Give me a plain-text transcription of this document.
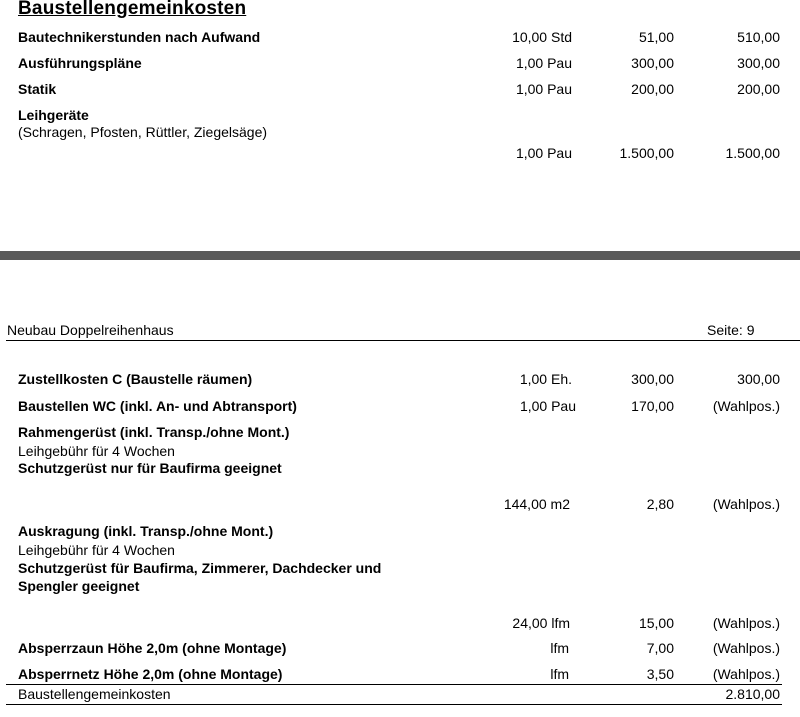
Baustellengemeinkosten
Bautechnikerstunden nach Aufwand	10,00 Std	51,00	510,00
Ausführungspläne	1,00 Pau	300,00	300,00
Statik	1,00 Pau	200,00	200,00
Leihgeräte
(Schragen, Pfosten, Rüttler, Ziegelsäge)
1,00 Pau	1.500,00	1.500,00
Neubau Doppelreihenhaus	Seite: 9
Zustellkosten C (Baustelle räumen)	1,00 Eh.	300,00	300,00
Baustellen WC (inkl. An- und Abtransport)	1,00 Pau	170,00	(Wahlpos.)
Rahmengerüst (inkl. Transp./ohne Mont.)
Leihgebühr für 4 Wochen
Schutzgerüst nur für Baufirma geeignet
144,00 m2	2,80	(Wahlpos.)
Auskragung (inkl. Transp./ohne Mont.)
Leihgebühr für 4 Wochen
Schutzgerüst für Baufirma, Zimmerer, Dachdecker und
Spengler geeignet
24,00 lfm	15,00	(Wahlpos.)
Absperrzaun Höhe 2,0m (ohne Montage)	lfm	7,00	(Wahlpos.)
Absperrnetz Höhe 2,0m (ohne Montage)	lfm	3,50	(Wahlpos.)
Baustellengemeinkosten	2.810,00
